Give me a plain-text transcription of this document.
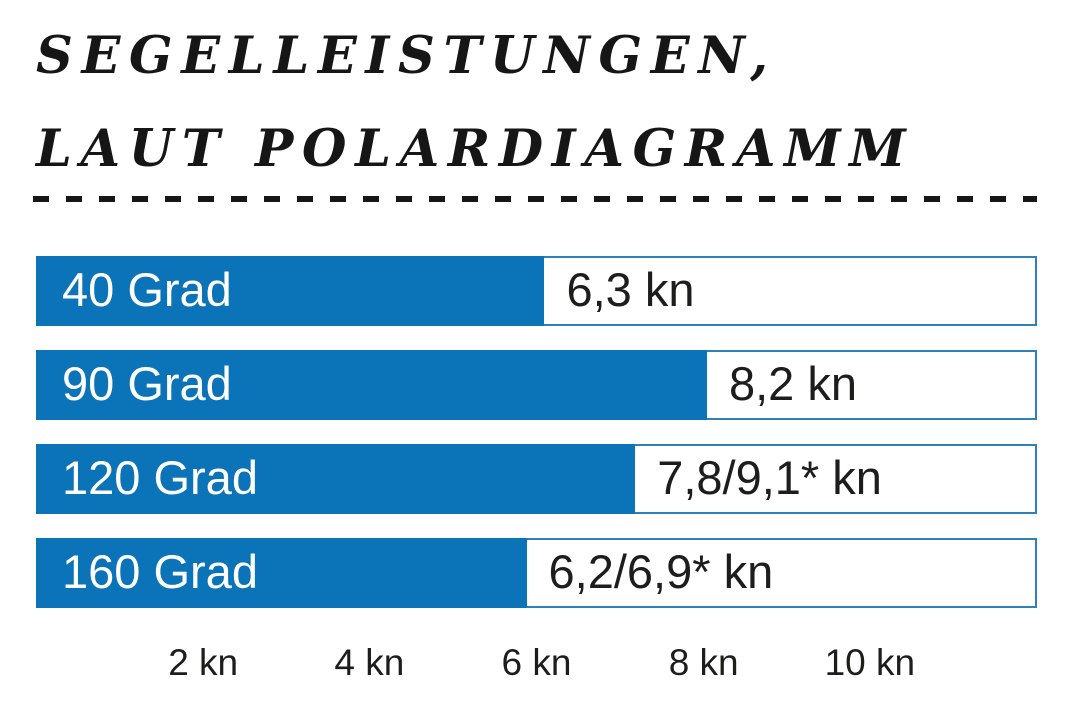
SEGELLEISTUNGEN,
LAUT POLARDIAGRAMM
40 Grad	6,3 kn
90 Grad	8,2 kn
120 Grad	7,8/9,1* kn
160 Grad	6,2/6,9* kn
2 kn	4 kn	6 kn	8 kn 10 kn
